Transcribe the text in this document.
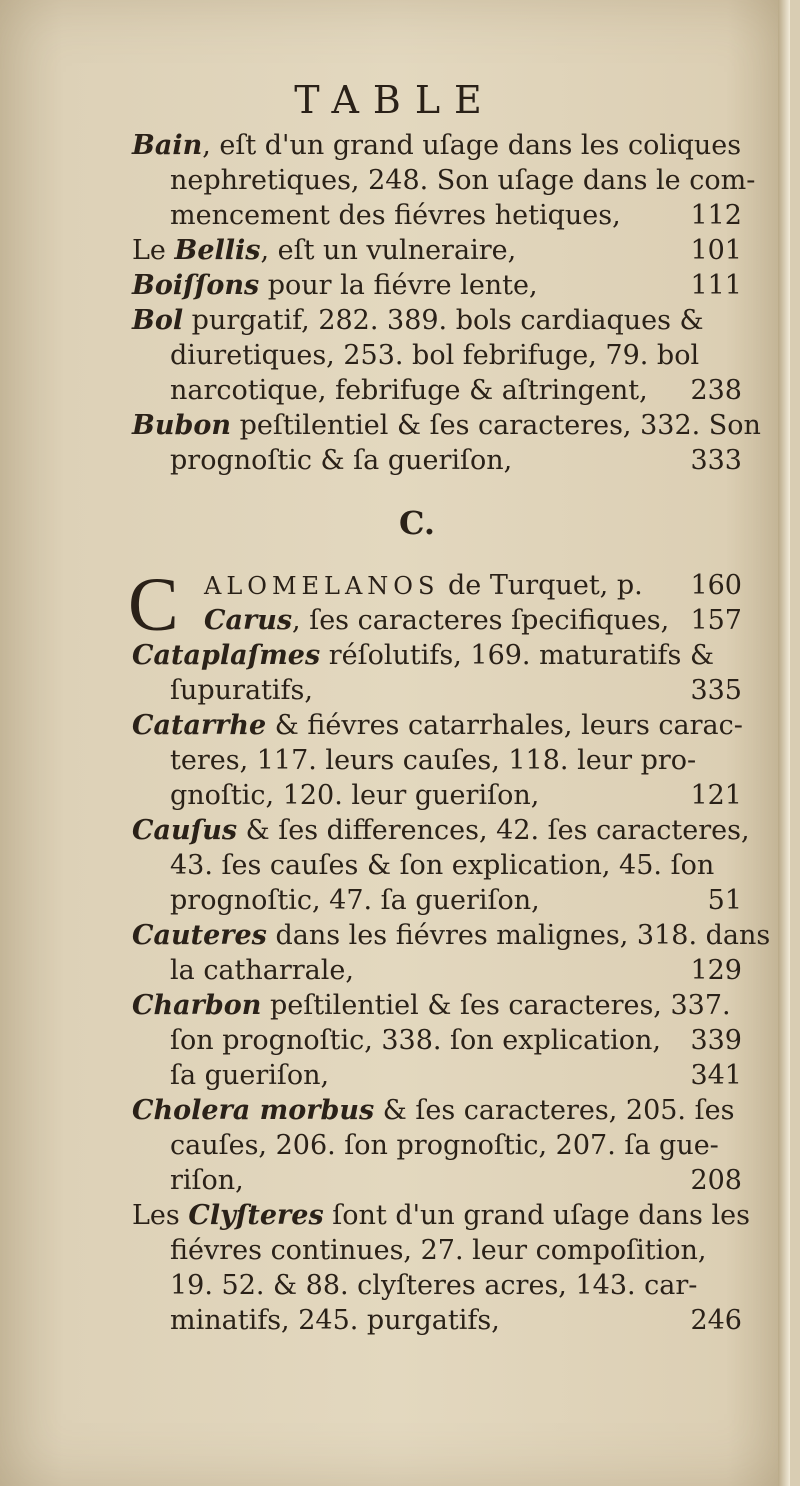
TABLE
Bain, eſt d'un grand uſage dans les coliques
nephretiques, 248. Son uſage dans le com-
mencement des fiévres hetiques,	112
Le Bellis, eſt un vulneraire,	101
Boiſſons pour la fiévre lente,	111
Bol purgatif, 282. 389. bols cardiaques &
diuretiques, 253. bol febrifuge, 79. bol
narcotique, febrifuge & aſtringent, 238
Bubon peſtilentiel & ſes caracteres, 332. Son
prognoſtic & ſa gueriſon,	333
C.
C	ALOMELANOS de Turquet, p. 160
Carus, ſes caracteres ſpecifiques, 157
Cataplaſmes réſolutifs, 169. maturatifs &
ſupuratifs,	335
Catarrhe & fiévres catarrhales, leurs carac-
teres, 117. leurs cauſes, 118. leur pro-
gnoſtic, 120. leur gueriſon,	121
Cauſus & ſes differences, 42. ſes caracteres,
43. ſes cauſes & ſon explication, 45. ſon
prognoſtic, 47. ſa gueriſon,	51
Cauteres dans les fiévres malignes, 318. dans
la catharrale,	129
Charbon peſtilentiel & ſes caracteres, 337.
ſon prognoſtic, 338. ſon explication, 339
ſa gueriſon,	341
Cholera morbus & ſes caracteres, 205. ſes
cauſes, 206. ſon prognoſtic, 207. ſa gue-
riſon,	208
Les Clyſteres ſont d'un grand uſage dans les
fiévres continues, 27. leur compoſition,
19. 52. & 88. clyſteres acres, 143. car-
minatifs, 245. purgatifs,	246
